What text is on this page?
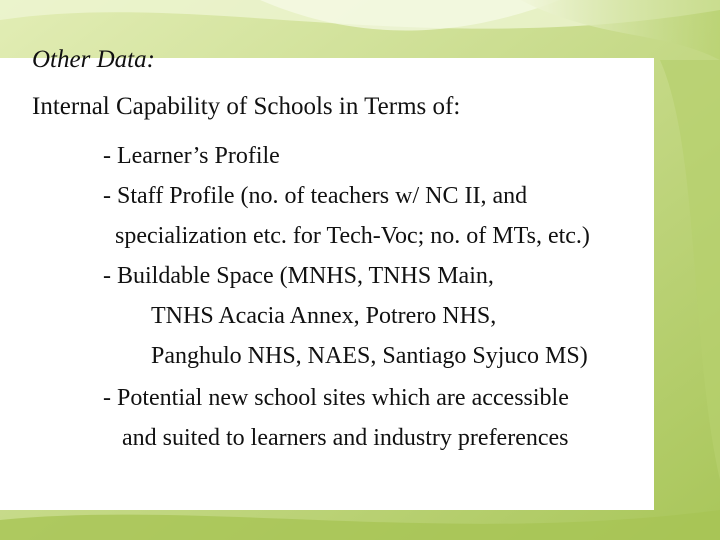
Other Data:
Internal Capability of Schools in Terms of:
- Learner’s Profile
- Staff Profile (no. of teachers w/ NC II, and
specialization etc. for Tech-Voc; no. of MTs, etc.)
- Buildable Space (MNHS, TNHS Main,
TNHS Acacia Annex, Potrero NHS,
Panghulo NHS, NAES, Santiago Syjuco MS)
- Potential new school sites which are accessible
and suited to learners and industry preferences
